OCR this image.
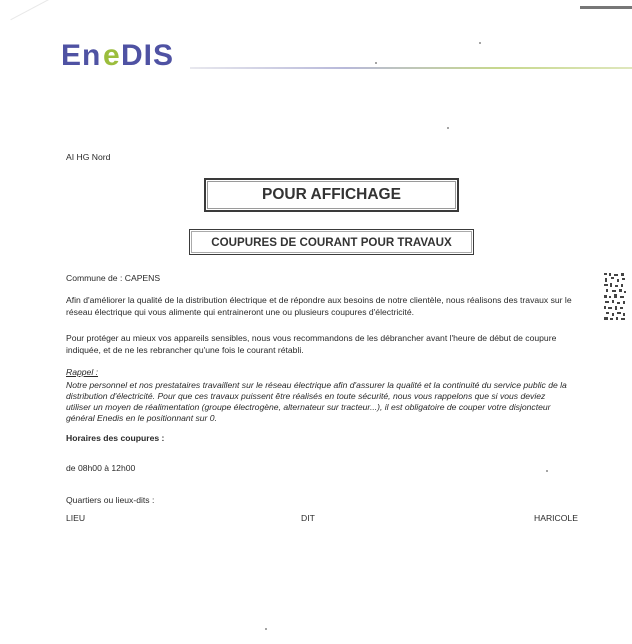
En e DIS
AI HG Nord
POUR AFFICHAGE
COUPURES DE COURANT POUR TRAVAUX
Commune de : CAPENS
Afin d'améliorer la qualité de la distribution électrique et de répondre aux besoins de notre clientèle, nous réalisons des travaux sur le réseau électrique qui vous alimente qui entraineront une ou plusieurs coupures d'électricité.
Pour protéger au mieux vos appareils sensibles, nous vous recommandons de les débrancher avant l'heure de début de coupure indiquée, et de ne les rebrancher qu'une fois le courant rétabli.
Rappel :
Notre personnel et nos prestataires travaillent sur le réseau électrique afin d'assurer la qualité et la continuité du service public de la distribution d'électricité. Pour que ces travaux puissent être réalisés en toute sécurité, nous vous rappelons que si vous deviez utiliser un moyen de réalimentation (groupe électrogène, alternateur sur tracteur...), il est obligatoire de couper votre disjoncteur général Enedis en le positionnant sur 0.
Horaires des coupures :
de 08h00 à 12h00
Quartiers ou lieux-dits :
LIEU	DIT	HARICOLE
